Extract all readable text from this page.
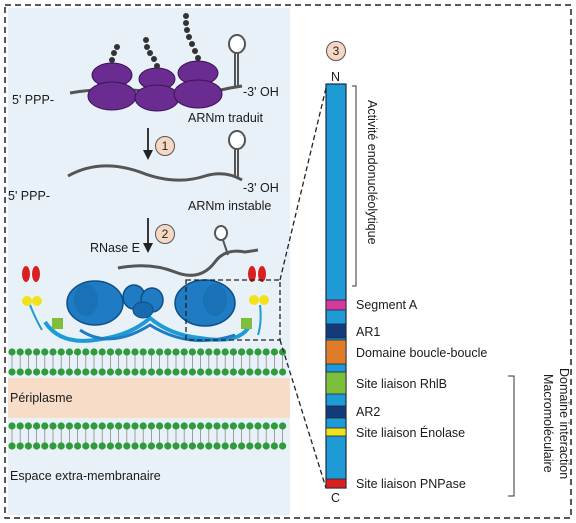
1
2
3
5' PPP-
-3' OH
ARNm traduit
5' PPP-
-3' OH
ARNm instable
RNase E
Périplasme
Espace extra-membranaire
N
C
Activité endonucléolytique
Segment A
AR1
Domaine boucle-boucle
Site liaison RhlB
AR2
Site liaison Énolase
Site liaison PNPase
Domaine interaction
Macromoléculaire
